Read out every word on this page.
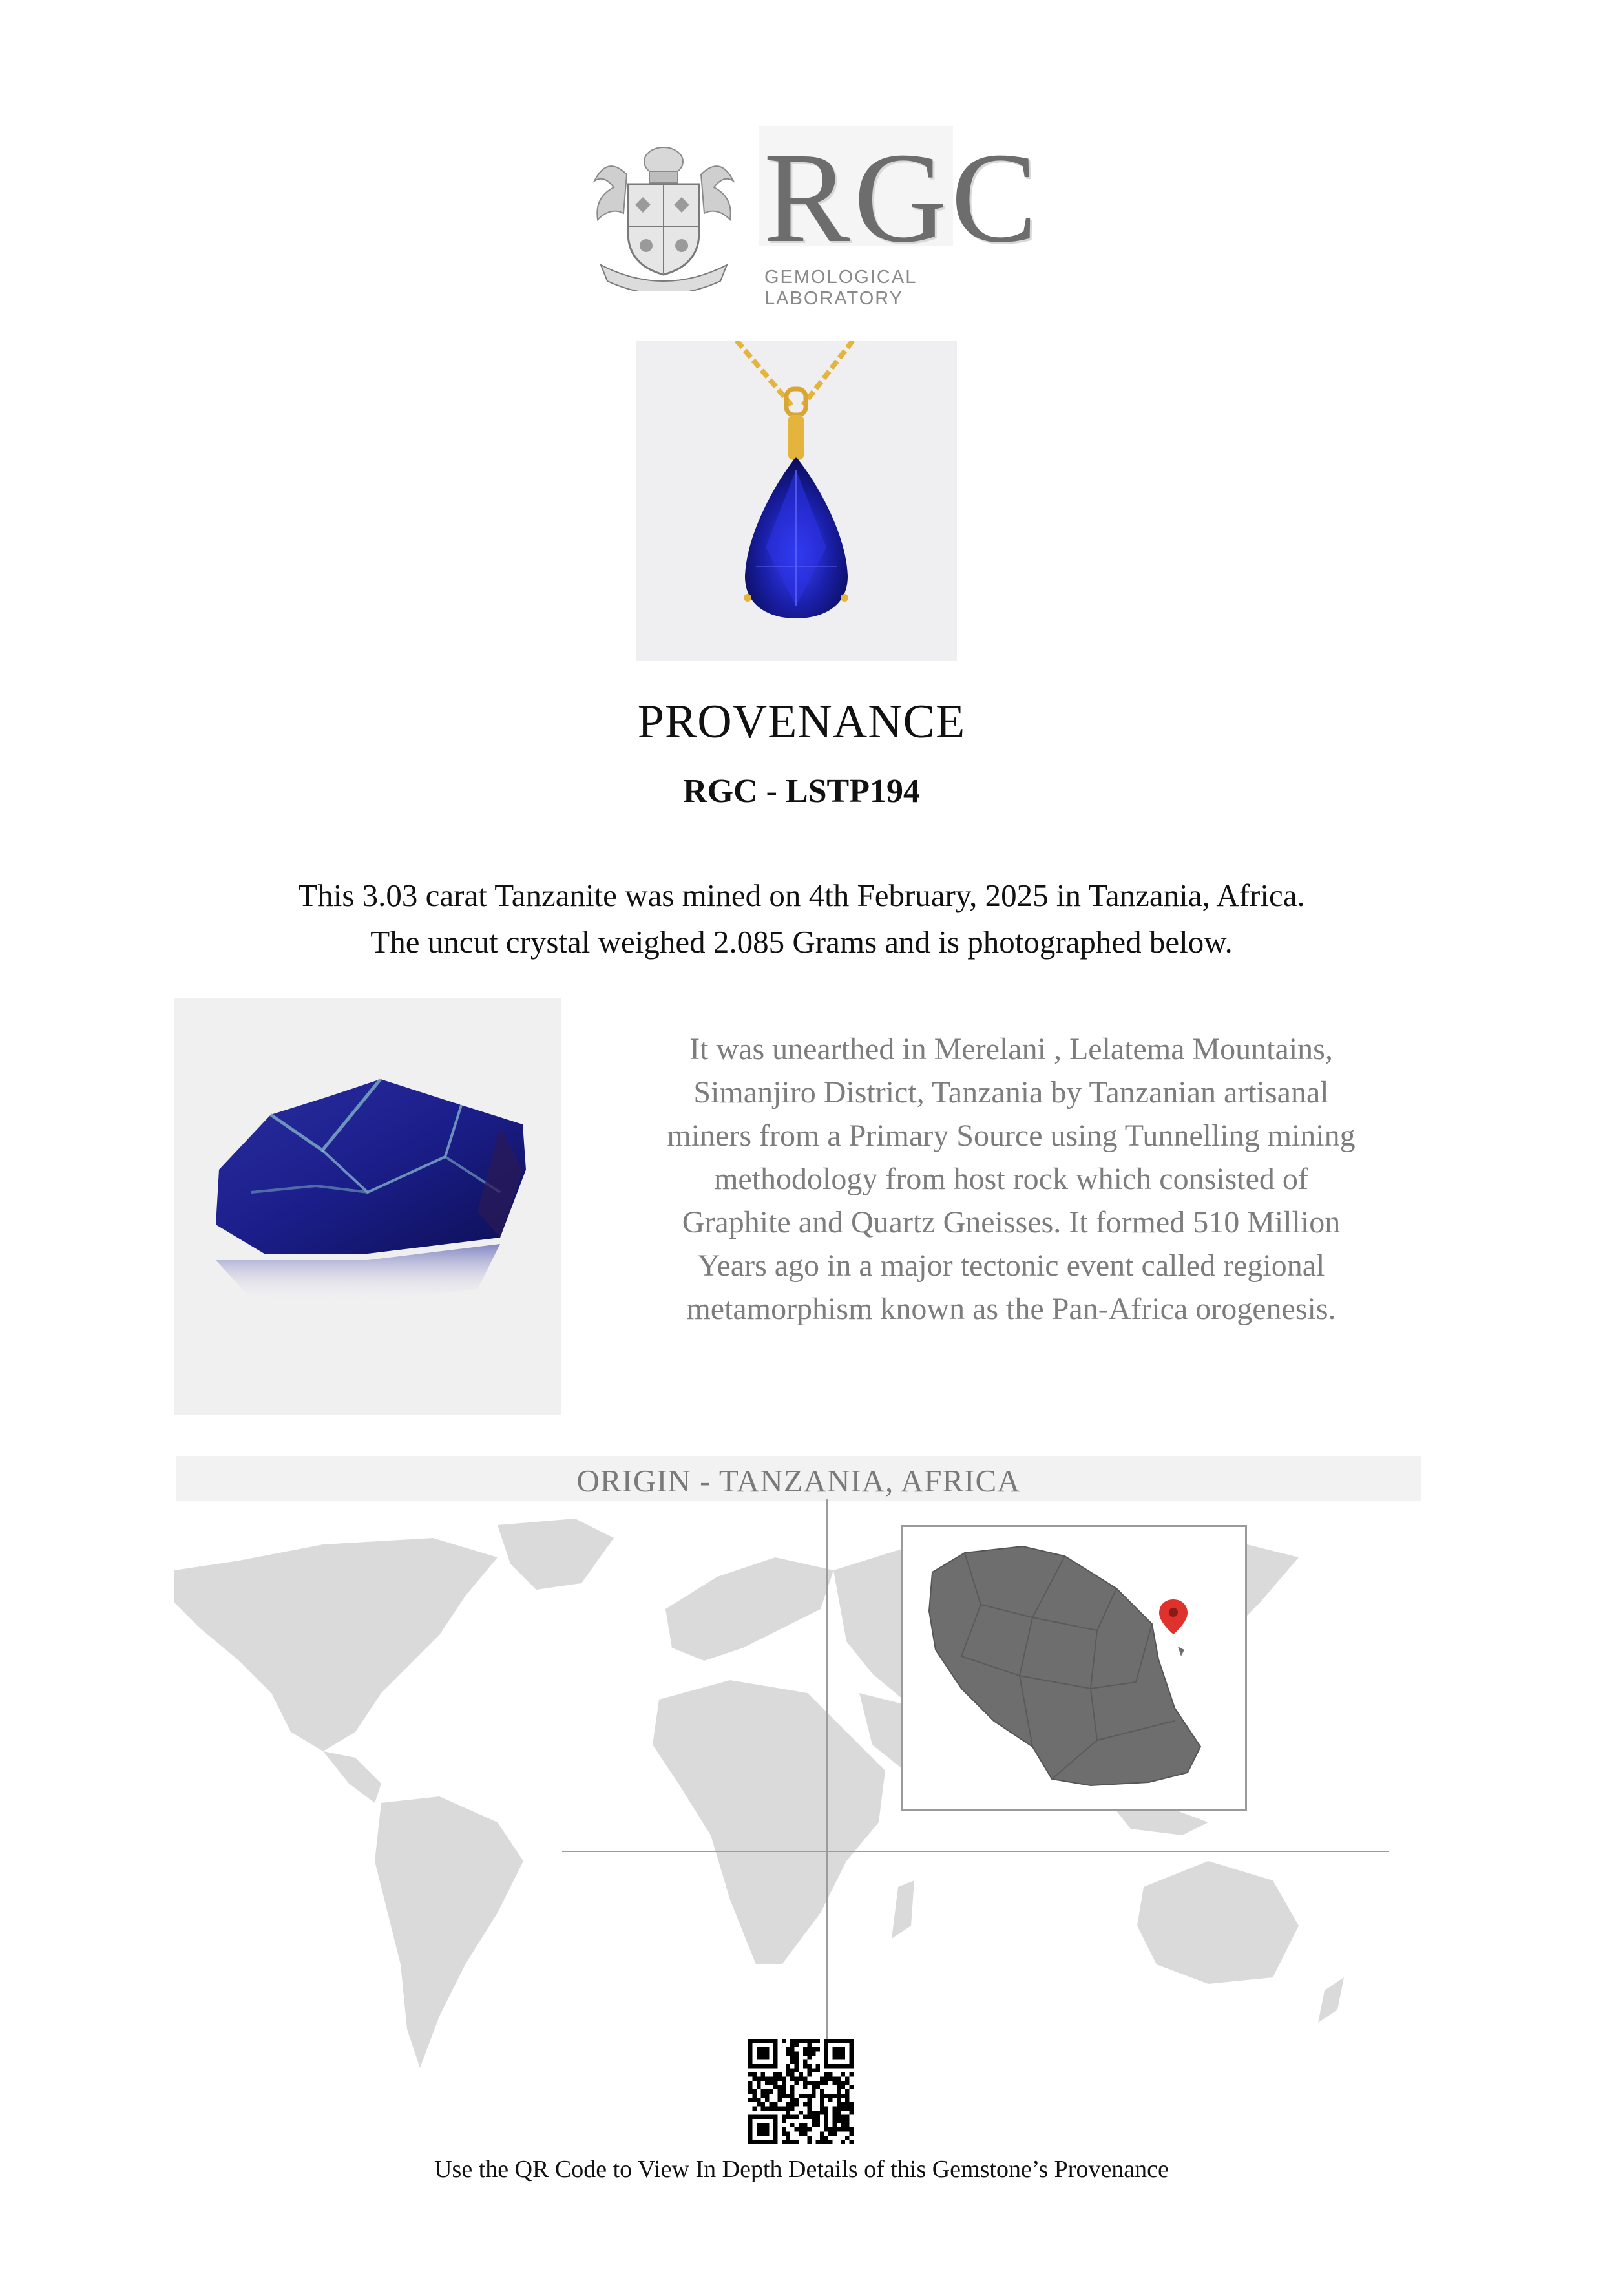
RGC
GEMOLOGICAL LABORATORY
PROVENANCE
RGC - LSTP194
This 3.03 carat Tanzanite was mined on 4th February, 2025 in Tanzania, Africa.
The uncut crystal weighed 2.085 Grams and is photographed below.
It was unearthed in Merelani , Lelatema Mountains,
Simanjiro District, Tanzania by Tanzanian artisanal
miners from a Primary Source using Tunnelling mining
methodology from host rock which consisted of
Graphite and Quartz Gneisses. It formed 510 Million
Years ago in a major tectonic event called regional
metamorphism known as the Pan-Africa orogenesis.
ORIGIN - TANZANIA, AFRICA
Use the QR Code to View In Depth Details of this Gemstone’s Provenance
